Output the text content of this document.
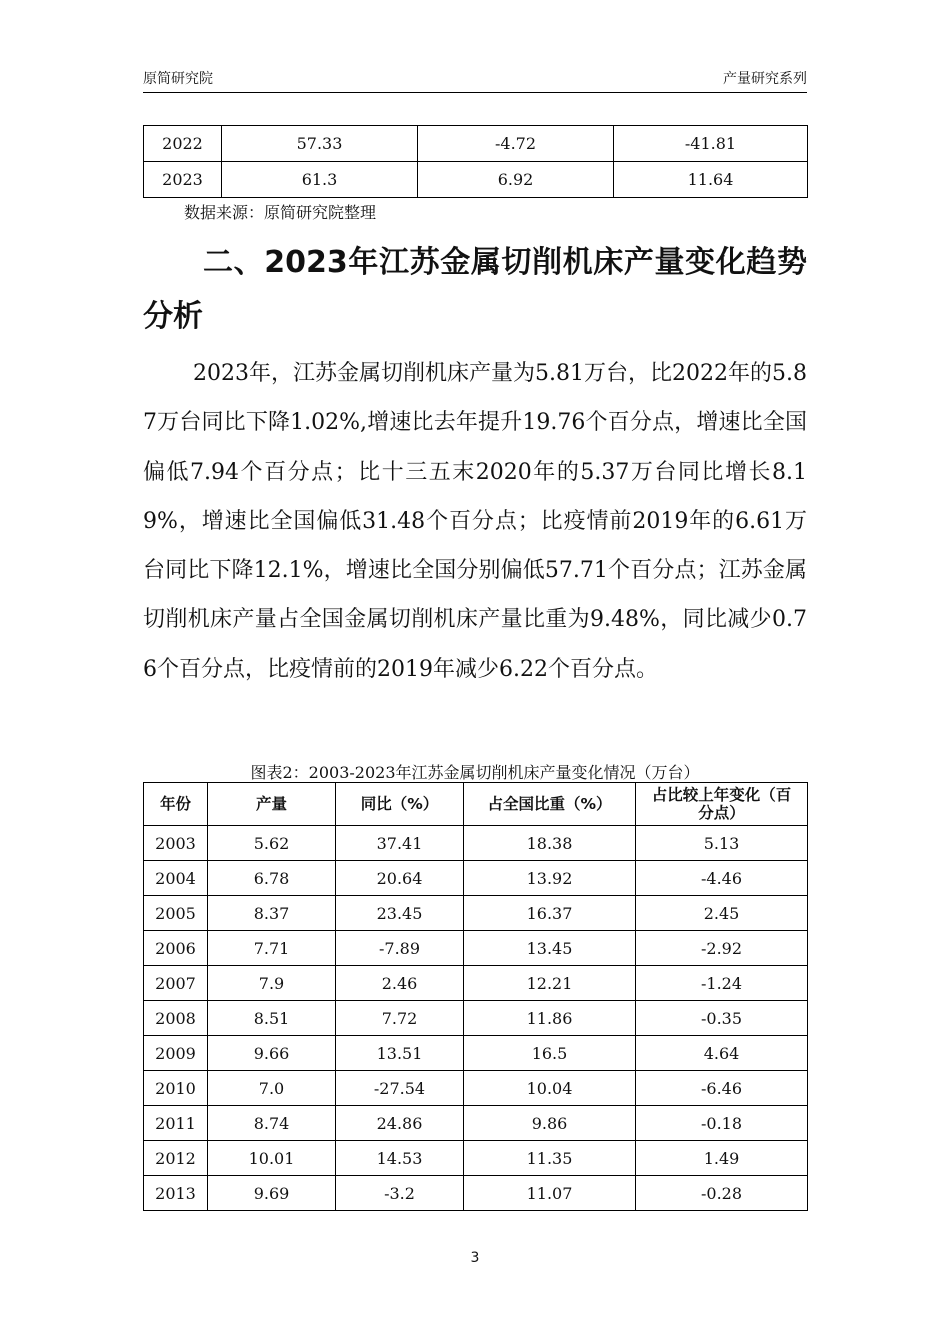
原简研究院	产量研究系列
2022	57.33	-4.72	-41.81
2023	61.3	6.92	11.64
数据来源：原简研究院整理
二、2023年江苏金属切削机床产量变化趋势分析
2023年，江苏金属切削机床产量为5.81万台，比2022年的5.87万台同比下降1.02%,增速比去年提升19.76个百分点，增速比全国偏低7.94个百分点；比十三五末2020年的5.37万台同比增长8.19%，增速比全国偏低31.48个百分点；比疫情前2019年的6.61万台同比下降12.1%，增速比全国分别偏低57.71个百分点；江苏金属切削机床产量占全国金属切削机床产量比重为9.48%，同比减少0.76个百分点，比疫情前的2019年减少6.22个百分点。
图表2：2003-2023年江苏金属切削机床产量变化情况（万台）
年份	产量	同比（%）	占全国比重（%）	占比较上年变化（百分点）
2003	5.62	37.41	18.38	5.13
2004	6.78	20.64	13.92	-4.46
2005	8.37	23.45	16.37	2.45
2006	7.71	-7.89	13.45	-2.92
2007	7.9	2.46	12.21	-1.24
2008	8.51	7.72	11.86	-0.35
2009	9.66	13.51	16.5	4.64
2010	7.0	-27.54	10.04	-6.46
2011	8.74	24.86	9.86	-0.18
2012	10.01	14.53	11.35	1.49
2013	9.69	-3.2	11.07	-0.28
3
